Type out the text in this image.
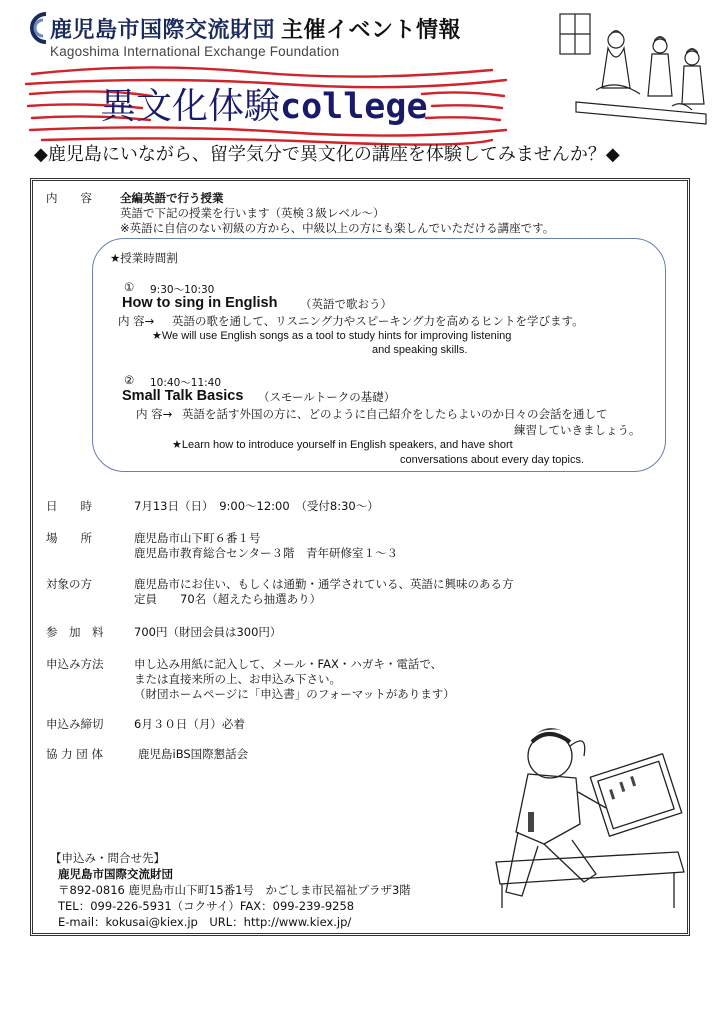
鹿児島市国際交流財団 主催イベント情報
Kagoshima International Exchange Foundation
異文化体験college
◆鹿児島にいながら、留学気分で異文化の講座を体験してみませんか？◆
内　　容 全編英語で行う授業
英語で下記の授業を行います（英検３級レベル～）
※英語に自信のない初級の方から、中級以上の方にも楽しんでいただける講座です。
★授業時間割
① 9:30～10:30
How to sing in English （英語で歌おう）
内 容→ 英語の歌を通して、リスニング力やスピーキング力を高めるヒントを学びます。
★We will use English songs as a tool to study hints for improving listening
and speaking skills.
② 10:40～11:40
Small Talk Basics （スモールトークの基礎）
内 容→ 英語を話す外国の方に、どのように自己紹介をしたらよいのか日々の会話を通して
練習していきましょう。
★Learn how to introduce yourself in English speakers, and have short
conversations about every day topics.
日　　時	7月13日（日）　9:00～12:00　（受付8:30～）
場　　所	鹿児島市山下町６番１号
鹿児島市教育総合センター３階　青年研修室１～３
対象の方	鹿児島市にお住い、もしくは通勤・通学されている、英語に興味のある方
定員　　70名（超えたら抽選あり）
参　加　料	700円（財団会員は300円）
申込み方法	申し込み用紙に記入して、メール・FAX・ハガキ・電話で、
または直接来所の上、お申込み下さい。
（財団ホームページに「申込書」のフォーマットがあります）
申込み締切	6月３０日（月）必着
協 力 団 体	鹿児島iBS国際懇話会
【申込み・問合せ先】
鹿児島市国際交流財団
〒892-0816 鹿児島市山下町15番1号　かごしま市民福祉プラザ3階
TEL：099-226-5931（コクサイ）FAX：099-239-9258
E-mail：kokusai@kiex.jp　URL：http://www.kiex.jp/
